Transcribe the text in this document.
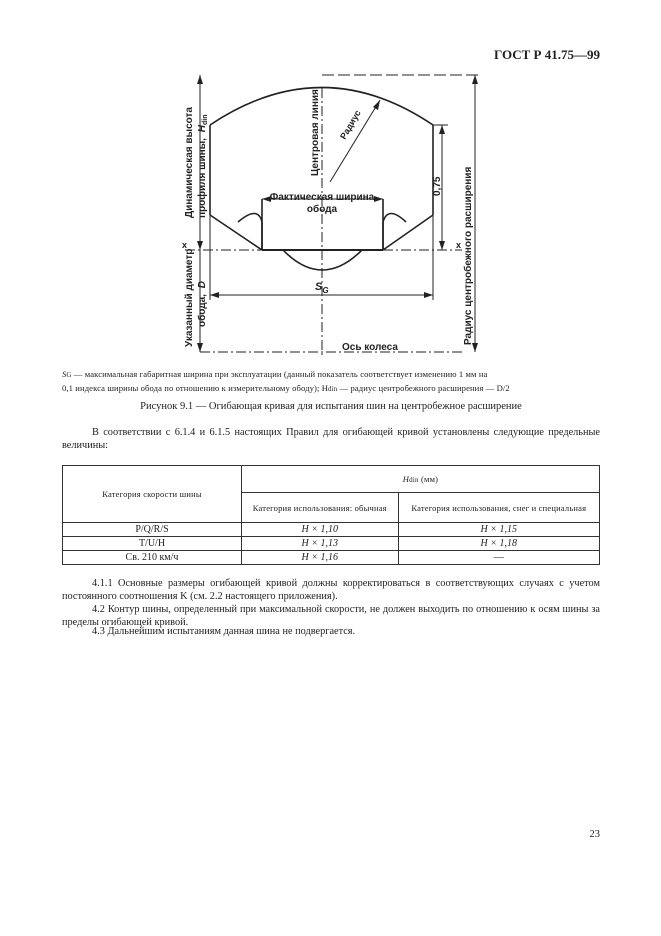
ГОСТ Р 41.75—99
Динамическая высота профиля шины, $H_{din}$	Центровая линия Радиус
Фактическая ширина
обода
0,75
x	x
$S_G$
Указанный диаметр обода, D
Ось колеса
Радиус центробежного расширения
SG — максимальная габаритная ширина при эксплуатации (данный показатель соответствует изменению 1 мм на
0,1 индекса ширины обода по отношению к измерительному ободу); Hdin — радиус центробежного расширения — D/2
Рисунок 9.1 — Огибающая кривая для испытания шин на центробежное расширение
В соответствии с 6.1.4 и 6.1.5 настоящих Правил для огибающей кривой установлены следующие предельные величины:
Категория скорости шины	Hdin (мм)	
	Категория использования: обычная	Категория использования, снег и специальная
P/Q/R/S	H × 1,10	H × 1,15
T/U/H	H × 1,13	H × 1,18
Св. 210 км/ч	H × 1,16	—
4.1.1 Основные размеры огибающей кривой должны корректироваться в соответствующих случаях с учетом постоянного соотношения K (см. 2.2 настоящего приложения).
4.2 Контур шины, определенный при максимальной скорости, не должен выходить по отношению к осям шины за пределы огибающей кривой.
4.3 Дальнейшим испытаниям данная шина не подвергается.
23
